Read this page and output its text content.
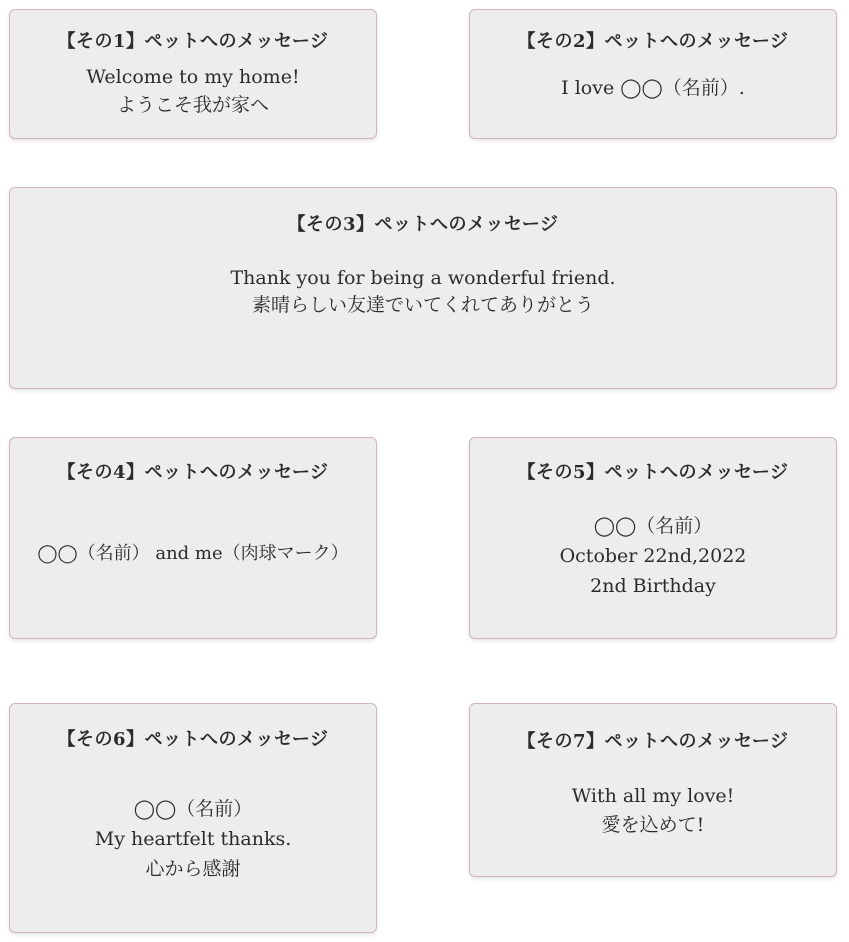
【その1】ペットへのメッセージ
Welcome to my home!
ようこそ我が家へ
【その2】ペットへのメッセージ
I love ◯◯（名前）.
【その3】ペットへのメッセージ
Thank you for being a wonderful friend.
素晴らしい友達でいてくれてありがとう
【その4】ペットへのメッセージ
◯◯（名前） and me（肉球マーク）
【その5】ペットへのメッセージ
◯◯（名前）
October 22nd,2022
2nd Birthday
【その6】ペットへのメッセージ
◯◯（名前）
My heartfelt thanks.
心から感謝
【その7】ペットへのメッセージ
With all my love!
愛を込めて!
